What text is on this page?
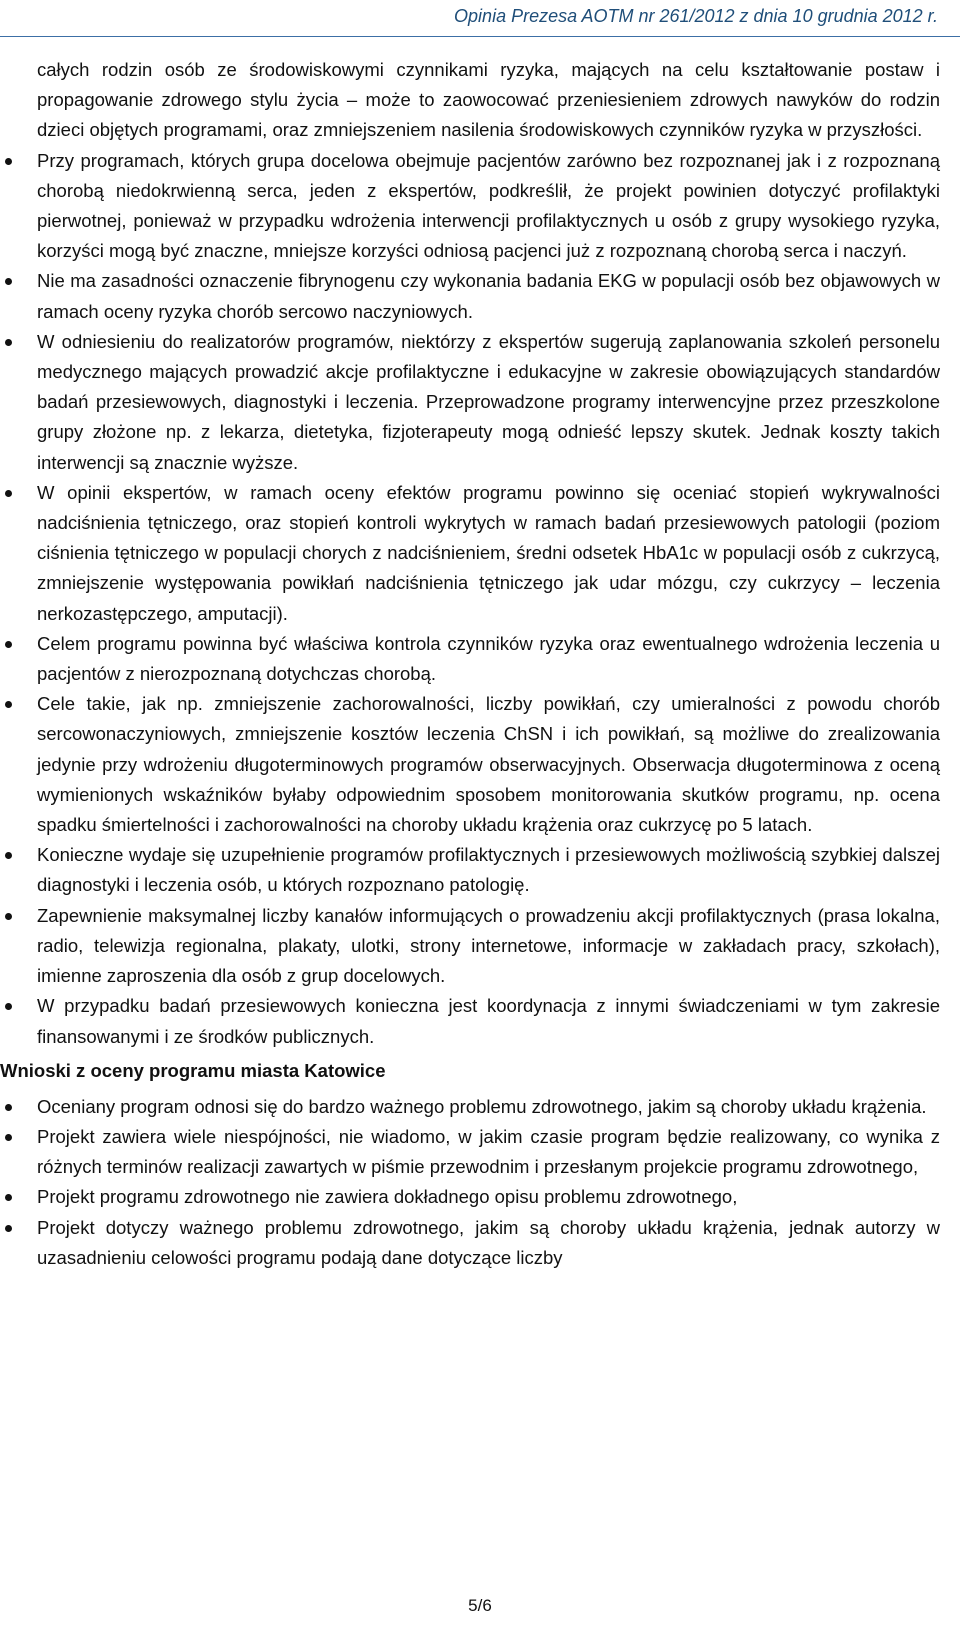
Opinia Prezesa AOTM nr 261/2012 z dnia 10 grudnia 2012 r.

całych rodzin osób ze środowiskowymi czynnikami ryzyka, mających na celu kształtowanie postaw i propagowanie zdrowego stylu życia – może to zaowocować przeniesieniem zdrowych nawyków do rodzin dzieci objętych programami, oraz zmniejszeniem nasilenia środowiskowych czynników ryzyka w przyszłości.

Przy programach, których grupa docelowa obejmuje pacjentów zarówno bez rozpoznanej jak i z rozpoznaną chorobą niedokrwienną serca, jeden z ekspertów, podkreślił, że projekt powinien dotyczyć profilaktyki pierwotnej, ponieważ w przypadku wdrożenia interwencji profilaktycznych u osób z grupy wysokiego ryzyka, korzyści mogą być znaczne, mniejsze korzyści odniosą pacjenci już z rozpoznaną chorobą serca i naczyń.
Nie ma zasadności oznaczenie fibrynogenu czy wykonania badania EKG w populacji osób bez objawowych w ramach oceny ryzyka chorób sercowo naczyniowych.
W odniesieniu do realizatorów programów, niektórzy z ekspertów sugerują zaplanowania szkoleń personelu medycznego mających prowadzić akcje profilaktyczne i edukacyjne w zakresie obowiązujących standardów badań przesiewowych, diagnostyki i leczenia. Przeprowadzone programy interwencyjne przez przeszkolone grupy złożone np. z lekarza, dietetyka, fizjoterapeuty mogą odnieść lepszy skutek. Jednak koszty takich interwencji są znacznie wyższe.
W opinii ekspertów, w ramach oceny efektów programu powinno się oceniać stopień wykrywalności nadciśnienia tętniczego, oraz stopień kontroli wykrytych w ramach badań przesiewowych patologii (poziom ciśnienia tętniczego w populacji chorych z nadciśnieniem, średni odsetek HbA1c w populacji osób z cukrzycą, zmniejszenie występowania powikłań nadciśnienia tętniczego jak udar mózgu, czy cukrzycy – leczenia nerkozastępczego, amputacji).
Celem programu powinna być właściwa kontrola czynników ryzyka oraz ewentualnego wdrożenia leczenia u pacjentów z nierozpoznaną dotychczas chorobą.
Cele takie, jak np. zmniejszenie zachorowalności, liczby powikłań, czy umieralności z powodu chorób sercowonaczyniowych, zmniejszenie kosztów leczenia ChSN i ich powikłań, są możliwe do zrealizowania jedynie przy wdrożeniu długoterminowych programów obserwacyjnych. Obserwacja długoterminowa z oceną wymienionych wskaźników byłaby odpowiednim sposobem monitorowania skutków programu, np. ocena spadku śmiertelności i zachorowalności na choroby układu krążenia oraz cukrzycę po 5 latach.
Konieczne wydaje się uzupełnienie programów profilaktycznych i przesiewowych możliwością szybkiej dalszej diagnostyki i leczenia osób, u których rozpoznano patologię.
Zapewnienie maksymalnej liczby kanałów informujących o prowadzeniu akcji profilaktycznych (prasa lokalna, radio, telewizja regionalna, plakaty, ulotki, strony internetowe, informacje w zakładach pracy, szkołach), imienne zaproszenia dla osób z grup docelowych.
W przypadku badań przesiewowych konieczna jest koordynacja z innymi świadczeniami w tym zakresie finansowanymi i ze środków publicznych.
Wnioski z oceny programu miasta Katowice
Oceniany program odnosi się do bardzo ważnego problemu zdrowotnego, jakim są choroby układu krążenia.
Projekt zawiera wiele niespójności, nie wiadomo, w jakim czasie program będzie realizowany, co wynika z różnych terminów realizacji zawartych w piśmie przewodnim i przesłanym projekcie programu zdrowotnego,
Projekt programu zdrowotnego nie zawiera dokładnego opisu problemu zdrowotnego,
Projekt dotyczy ważnego problemu zdrowotnego, jakim są choroby układu krążenia, jednak autorzy w uzasadnieniu celowości programu podają dane dotyczące liczby
5/6
